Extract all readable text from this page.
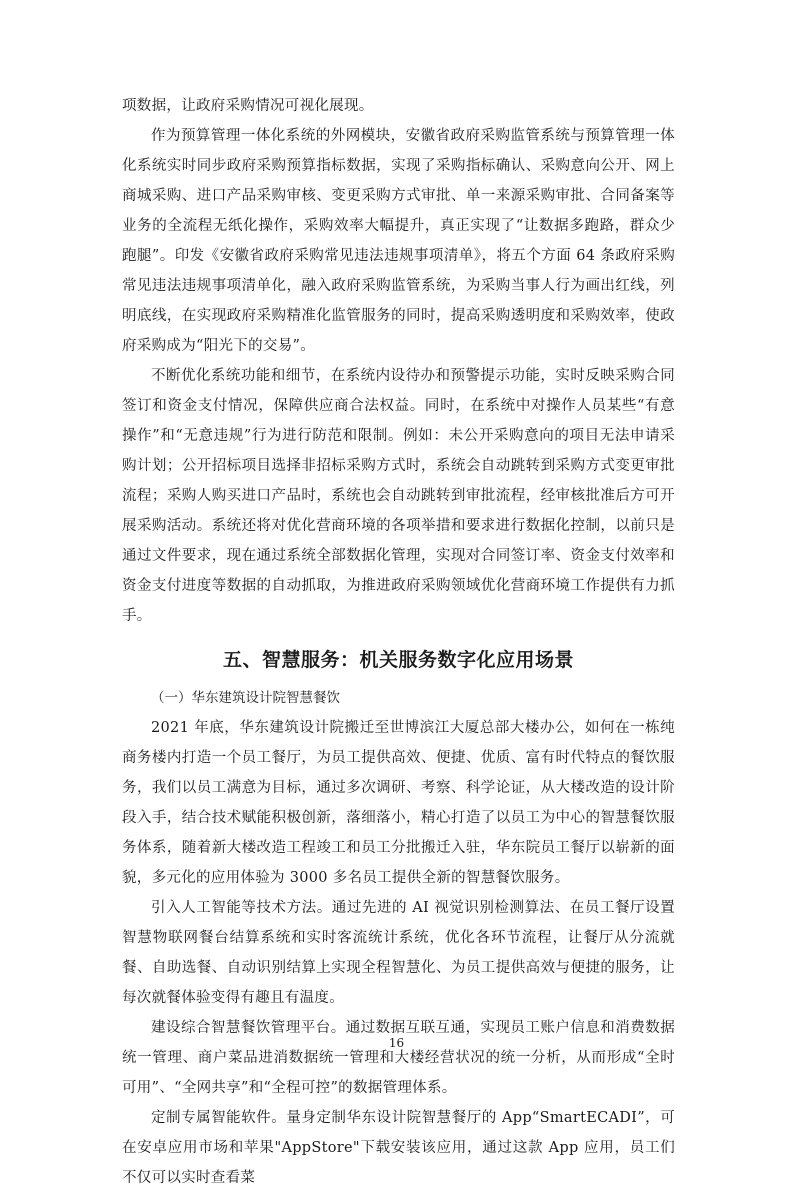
项数据，让政府采购情况可视化展现。

作为预算管理一体化系统的外网模块，安徽省政府采购监管系统与预算管理一体化系统实时同步政府采购预算指标数据，实现了采购指标确认、采购意向公开、网上商城采购、进口产品采购审核、变更采购方式审批、单一来源采购审批、合同备案等业务的全流程无纸化操作，采购效率大幅提升，真正实现了“让数据多跑路，群众少跑腿”。印发《安徽省政府采购常见违法违规事项清单》，将五个方面 64 条政府采购常见违法违规事项清单化，融入政府采购监管系统，为采购当事人行为画出红线，列明底线，在实现政府采购精准化监管服务的同时，提高采购透明度和采购效率，使政府采购成为“阳光下的交易”。

不断优化系统功能和细节，在系统内设待办和预警提示功能，实时反映采购合同签订和资金支付情况，保障供应商合法权益。同时，在系统中对操作人员某些“有意操作”和“无意违规”行为进行防范和限制。例如：未公开采购意向的项目无法申请采购计划；公开招标项目选择非招标采购方式时，系统会自动跳转到采购方式变更审批流程；采购人购买进口产品时，系统也会自动跳转到审批流程，经审核批准后方可开展采购活动。系统还将对优化营商环境的各项举措和要求进行数据化控制，以前只是通过文件要求，现在通过系统全部数据化管理，实现对合同签订率、资金支付效率和资金支付进度等数据的自动抓取，为推进政府采购领域优化营商环境工作提供有力抓手。

五、智慧服务：机关服务数字化应用场景
（一）华东建筑设计院智慧餐饮

2021 年底，华东建筑设计院搬迁至世博滨江大厦总部大楼办公，如何在一栋纯商务楼内打造一个员工餐厅，为员工提供高效、便捷、优质、富有时代特点的餐饮服务，我们以员工满意为目标，通过多次调研、考察、科学论证，从大楼改造的设计阶段入手，结合技术赋能积极创新，落细落小，精心打造了以员工为中心的智慧餐饮服务体系，随着新大楼改造工程竣工和员工分批搬迁入驻，华东院员工餐厅以崭新的面貌，多元化的应用体验为 3000 多名员工提供全新的智慧餐饮服务。

引入人工智能等技术方法。通过先进的 AI 视觉识别检测算法、在员工餐厅设置智慧物联网餐台结算系统和实时客流统计系统，优化各环节流程，让餐厅从分流就餐、自助选餐、自动识别结算上实现全程智慧化、为员工提供高效与便捷的服务，让每次就餐体验变得有趣且有温度。

建设综合智慧餐饮管理平台。通过数据互联互通，实现员工账户信息和消费数据统一管理、商户菜品进消数据统一管理和大楼经营状况的统一分析，从而形成“全时可用”、“全网共享”和“全程可控”的数据管理体系。

定制专属智能软件。量身定制华东设计院智慧餐厅的 App“SmartECADI”，可在安卓应用市场和苹果"AppStore"下载安装该应用，通过这款 App 应用，员工们不仅可以实时查看菜

16
